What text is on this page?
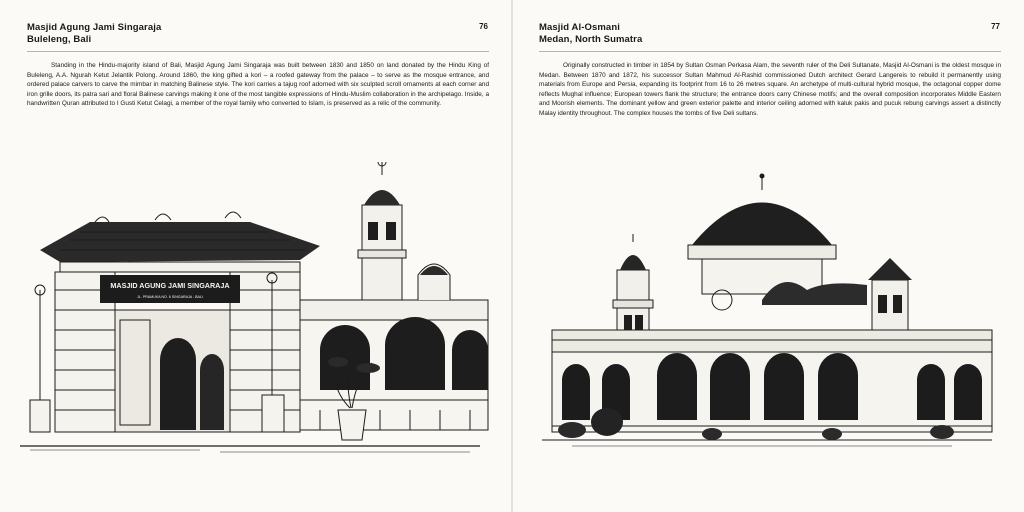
Masjid Agung Jami Singaraja
Buleleng, Bali
76

Standing in the Hindu-majority island of Bali, Masjid Agung Jami Singaraja was built between 1830 and 1850 on land donated by the Hindu King of Buleleng, A.A. Ngurah Ketut Jelantik Polong. Around 1860, the king gifted a kori – a roofed gateway from the palace – to serve as the mosque entrance, and ordered palace carvers to carve the mimbar in matching Balinese style. The kori carries a tajug roof adorned with six sculpted scroll ornaments at each corner and iron grille doors, its patra sari and floral Balinese carvings making it one of the most tangible expressions of Hindu-Muslim collaboration in the archipelago. Inside, a handwritten Quran attributed to I Gusti Ketut Celagi, a member of the royal family who converted to Islam, is preserved as a relic of the community.

MASJID AGUNG JAMI SINGARAJA
JL. PRAMUKA NO. 6 SINGARAJA - BALI
Masjid Al-Osmani
Medan, North Sumatra
77

Originally constructed in timber in 1854 by Sultan Osman Perkasa Alam, the seventh ruler of the Deli Sultanate, Masjid Al-Osmani is the oldest mosque in Medan. Between 1870 and 1872, his successor Sultan Mahmud Al-Rashid commissioned Dutch architect Gerard Langereis to rebuild it permanently using materials from Europe and Persia, expanding its footprint from 16 to 26 metres square. An archetype of multi-cultural hybrid mosque, the octagonal copper dome reflects Mughal influence; European towers flank the structure; the entrance doors carry Chinese motifs; and the overall composition incorporates Middle Eastern and Moorish elements. The dominant yellow and green exterior palette and interior ceiling adorned with kaluk pakis and pucuk rebung carvings assert a distinctly Malay identity throughout. The complex houses the tombs of five Deli sultans.
